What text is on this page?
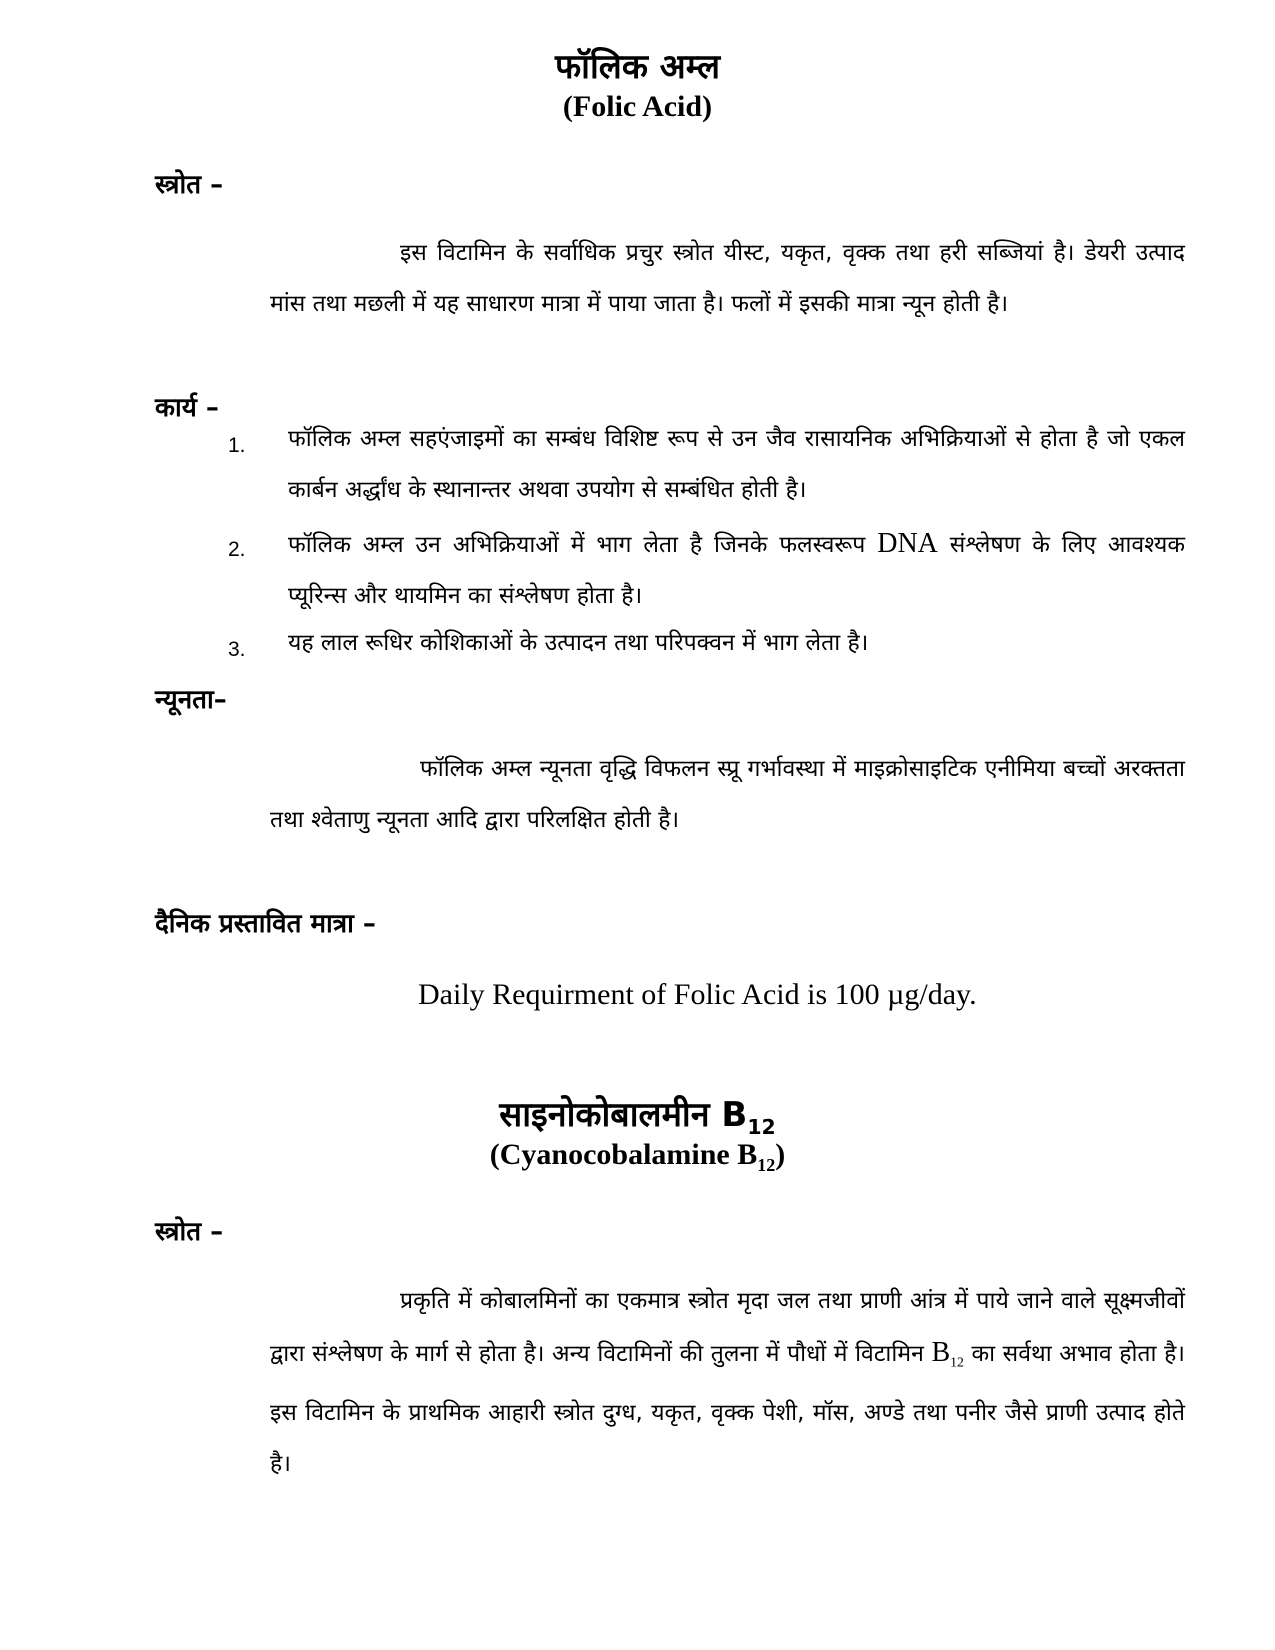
फॉलिक अम्ल
(Folic Acid)
स्त्रोत –
इस विटामिन के सर्वाधिक प्रचुर स्त्रोत यीस्ट, यकृत, वृक्क तथा हरी सब्जियां है। डेयरी उत्पाद मांस तथा मछली में यह साधारण मात्रा में पाया जाता है। फलों में इसकी मात्रा न्यून होती है।
कार्य –
1. फॉलिक अम्ल सहएंजाइमों का सम्बंध विशिष्ट रूप से उन जैव रासायनिक अभिक्रियाओं से होता है जो एकल कार्बन अर्द्धांध के स्थानान्तर अथवा उपयोग से सम्बंधित होती है।
2. फॉलिक अम्ल उन अभिक्रियाओं में भाग लेता है जिनके फलस्वरूप DNA संश्लेषण के लिए आवश्यक प्यूरिन्स और थायमिन का संश्लेषण होता है।
3. यह लाल रूधिर कोशिकाओं के उत्पादन तथा परिपक्वन में भाग लेता है।
न्यूनता–
फॉलिक अम्ल न्यूनता वृद्धि विफलन स्प्रू गर्भावस्था में माइक्रोसाइटिक एनीमिया बच्चों अरक्तता तथा श्वेताणु न्यूनता आदि द्वारा परिलक्षित होती है।
दैनिक प्रस्तावित मात्रा –
Daily Requirment of Folic Acid is 100 µg/day.
साइनोकोबालमीन $B_{12}$
(Cyanocobalamine $B_{12}$)
स्त्रोत –
प्रकृति में कोबालमिनों का एकमात्र स्त्रोत मृदा जल तथा प्राणी आंत्र में पाये जाने वाले सूक्ष्मजीवों द्वारा संश्लेषण के मार्ग से होता है। अन्य विटामिनों की तुलना में पौधों में विटामिन $B_{12}$ का सर्वथा अभाव होता है। इस विटामिन के प्राथमिक आहारी स्त्रोत दुग्ध, यकृत, वृक्क पेशी, मॉस, अण्डे तथा पनीर जैसे प्राणी उत्पाद होते है।
